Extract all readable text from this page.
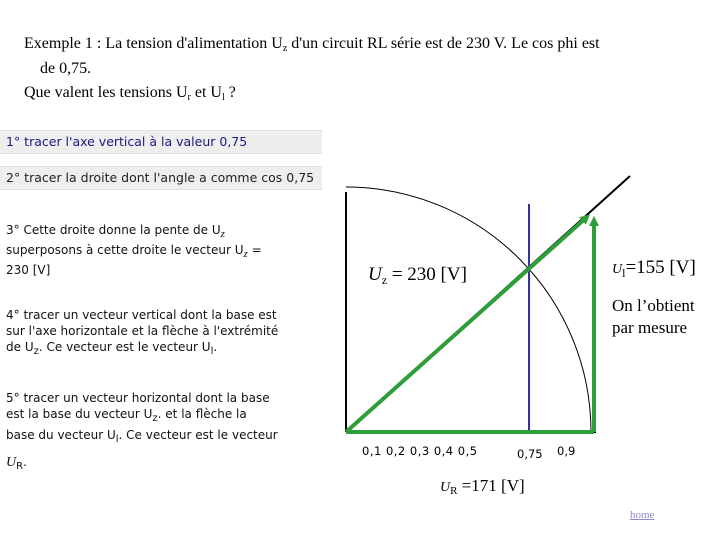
Exemple 1 : La tension d'alimentation $U_z$ d'un circuit RL série est de 230 V. Le cos phi est
de 0,75.
Que valent les tensions $U_r$ et $U_l$ ?
1° tracer l'axe vertical à la valeur 0,75
2° tracer la droite dont l'angle a comme cos 0,75
3° Cette droite donne la pente de Uz
superposons à cette droite le vecteur Uz =
230 [V]
4° tracer un vecteur vertical dont la base est
sur l'axe horizontale et la flèche à l'extrémité
de $U_z$. Ce vecteur est le vecteur $U_l$.
5° tracer un vecteur horizontal dont la base
est la base du vecteur $U_z$. et la flèche la
base du vecteur $U_l$. Ce vecteur est le vecteur
$U_R$.
$U_z = 230$ [V]	$U_l=155$ [V]
On l’obtient
par mesure
0,1 0,2 0,3 0,4 0,5	0,75 0,9
UR =171 [V]
home
